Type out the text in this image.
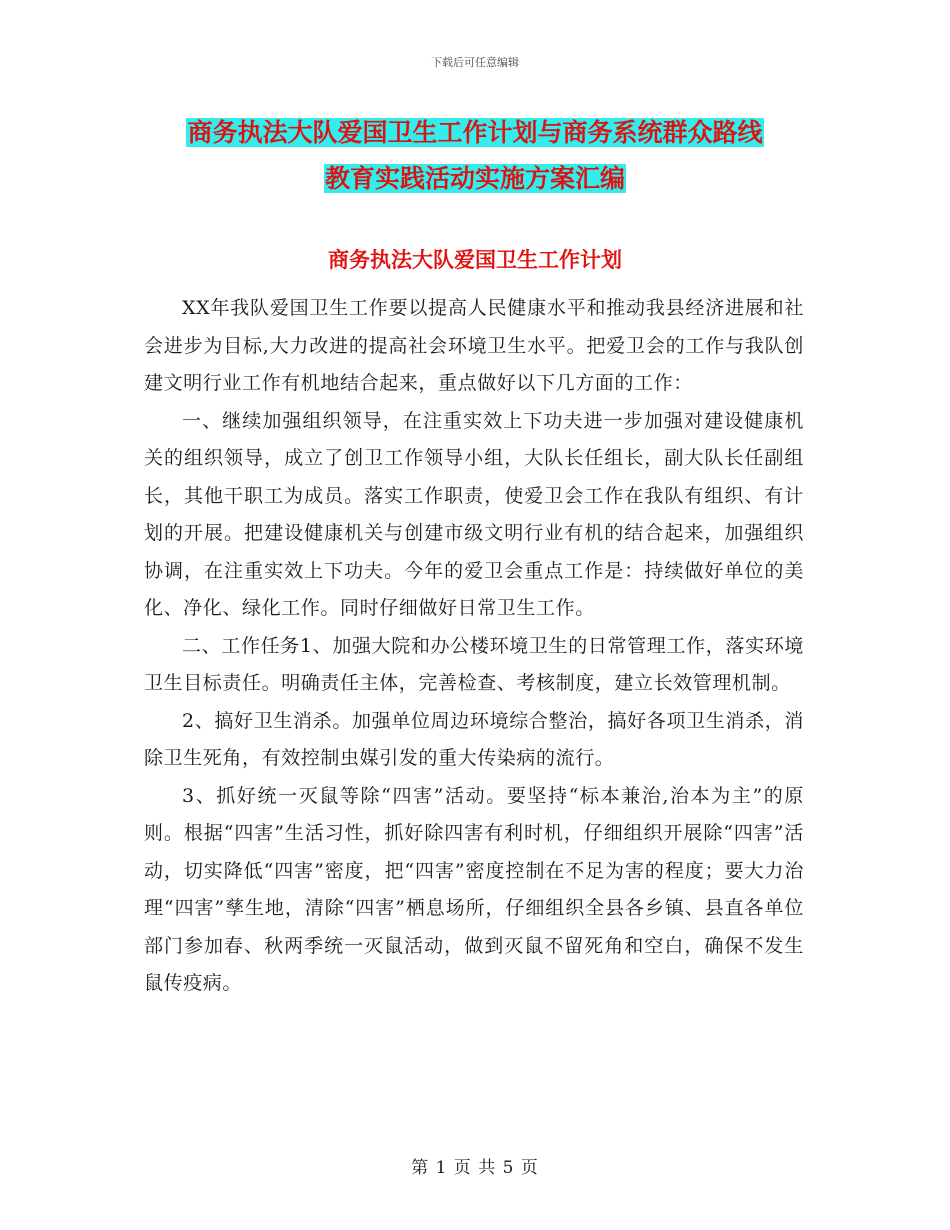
下载后可任意编辑
商务执法大队爱国卫生工作计划与商务系统群众路线
教育实践活动实施方案汇编
商务执法大队爱国卫生工作计划

XX年我队爱国卫生工作要以提高人民健康水平和推动我县经济进展和社会进步为目标,大力改进的提高社会环境卫生水平。把爱卫会的工作与我队创建文明行业工作有机地结合起来，重点做好以下几方面的工作：

一、继续加强组织领导，在注重实效上下功夫进一步加强对建设健康机关的组织领导，成立了创卫工作领导小组，大队长任组长，副大队长任副组长，其他干职工为成员。落实工作职责，使爱卫会工作在我队有组织、有计划的开展。把建设健康机关与创建市级文明行业有机的结合起来，加强组织协调，在注重实效上下功夫。今年的爱卫会重点工作是：持续做好单位的美化、净化、绿化工作。同时仔细做好日常卫生工作。

二、工作任务1、加强大院和办公楼环境卫生的日常管理工作，落实环境卫生目标责任。明确责任主体，完善检查、考核制度，建立长效管理机制。

2、搞好卫生消杀。加强单位周边环境综合整治，搞好各项卫生消杀，消除卫生死角，有效控制虫媒引发的重大传染病的流行。

3、抓好统一灭鼠等除“四害”活动。要坚持“标本兼治,治本为主”的原则。根据“四害”生活习性，抓好除四害有利时机，仔细组织开展除“四害”活动，切实降低“四害”密度，把“四害”密度控制在不足为害的程度；要大力治理“四害”孳生地，清除“四害”栖息场所，仔细组织全县各乡镇、县直各单位部门参加春、秋两季统一灭鼠活动，做到灭鼠不留死角和空白，确保不发生鼠传疫病。

第 1 页 共 5 页
